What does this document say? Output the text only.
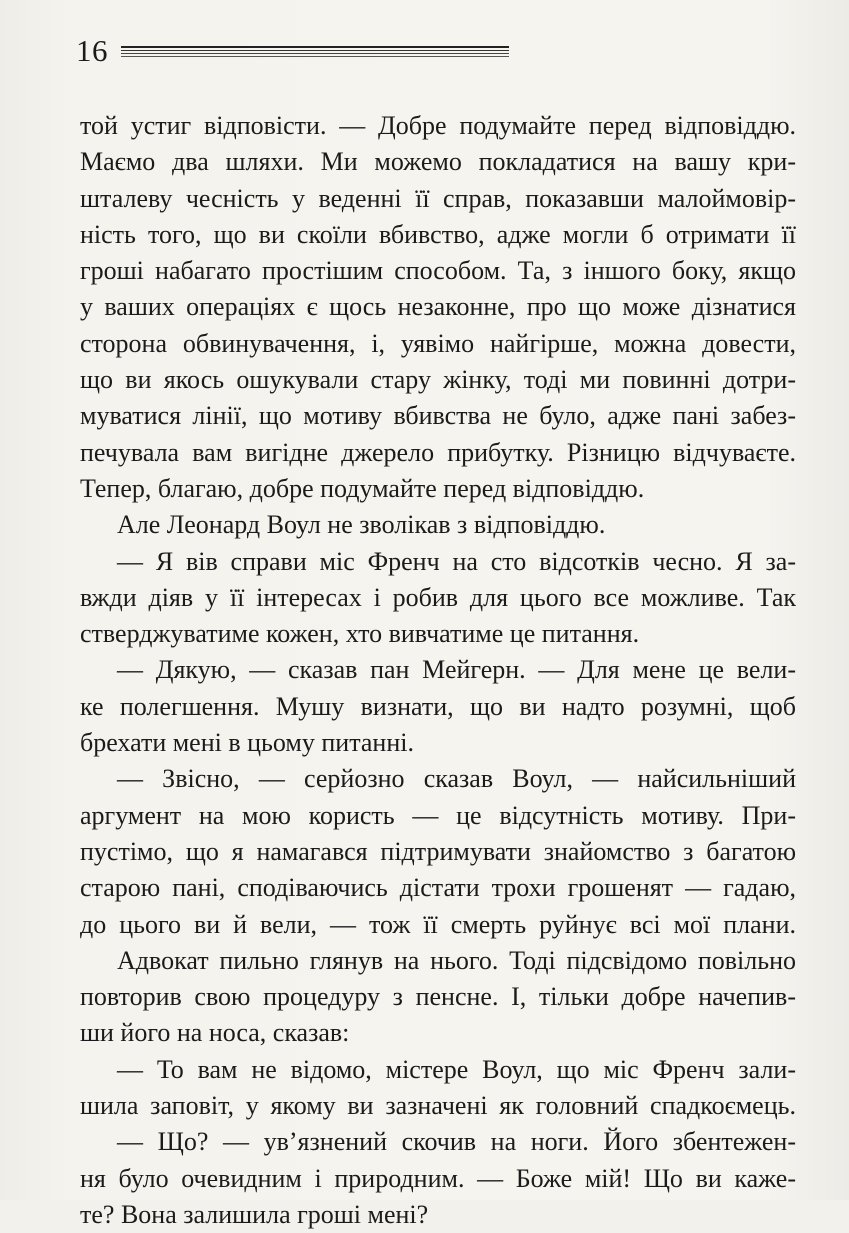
16
той устиг відповісти. — Добре подумайте перед відповіддю.
Маємо два шляхи. Ми можемо покладатися на вашу кри-
шталеву чесність у веденні її справ, показавши малоймовір-
ність того, що ви скоїли вбивство, адже могли б отримати її
гроші набагато простішим способом. Та, з іншого боку, якщо
у ваших операціях є щось незаконне, про що може дізнатися
сторона обвинувачення, і, уявімо найгірше, можна довести,
що ви якось ошукували стару жінку, тоді ми повинні дотри-
муватися лінії, що мотиву вбивства не було, адже пані забез-
печувала вам вигідне джерело прибутку. Різницю відчуваєте.
Тепер, благаю, добре подумайте перед відповіддю.
Але Леонард Воул не зволікав з відповіддю.
— Я вів справи міс Френч на сто відсотків чесно. Я за-
вжди діяв у її інтересах і робив для цього все можливе. Так
стверджуватиме кожен, хто вивчатиме це питання.
— Дякую, — сказав пан Мейгерн. — Для мене це вели-
ке полегшення. Мушу визнати, що ви надто розумні, щоб
брехати мені в цьому питанні.
— Звісно, — серйозно сказав Воул, — найсильніший
аргумент на мою користь — це відсутність мотиву. При-
пустімо, що я намагався підтримувати знайомство з багатою
старою пані, сподіваючись дістати трохи грошенят — гадаю,
до цього ви й вели, — тож її смерть руйнує всі мої плани.
Адвокат пильно глянув на нього. Тоді підсвідомо повільно
повторив свою процедуру з пенсне. І, тільки добре начепив-
ши його на носа, сказав:
— То вам не відомо, містере Воул, що міс Френч зали-
шила заповіт, у якому ви зазначені як головний спадкоємець.
— Що? — ув’язнений скочив на ноги. Його збентежен-
ня було очевидним і природним. — Боже мій! Що ви каже-
те? Вона залишила гроші мені?
